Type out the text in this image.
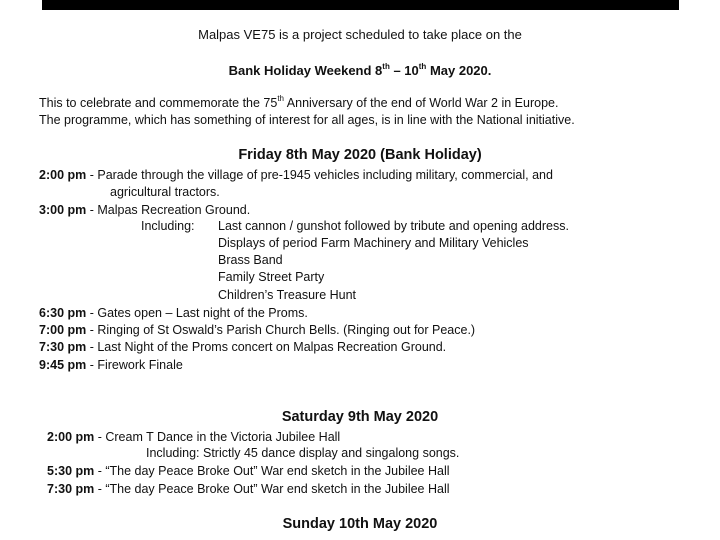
Malpas VE75 is a project scheduled to take place on the
Bank Holiday Weekend 8th – 10th May 2020.
This to celebrate and commemorate the 75th Anniversary of the end of World War 2 in Europe.
The programme, which has something of interest for all ages, is in line with the National initiative.
Friday 8th May 2020 (Bank Holiday)
2:00 pm - Parade through the village of pre-1945 vehicles including military, commercial, and
agricultural tractors.
3:00 pm - Malpas Recreation Ground.
Including: Last cannon / gunshot followed by tribute and opening address.
Displays of period Farm Machinery and Military Vehicles
Brass Band
Family Street Party
Children’s Treasure Hunt
6:30 pm - Gates open – Last night of the Proms.
7:00 pm - Ringing of St Oswald’s Parish Church Bells. (Ringing out for Peace.)
7:30 pm - Last Night of the Proms concert on Malpas Recreation Ground.
9:45 pm - Firework Finale
Saturday 9th May 2020
2:00 pm - Cream T Dance in the Victoria Jubilee Hall
Including: Strictly 45 dance display and singalong songs.
5:30 pm - “The day Peace Broke Out” War end sketch in the Jubilee Hall
7:30 pm - “The day Peace Broke Out” War end sketch in the Jubilee Hall
Sunday 10th May 2020
